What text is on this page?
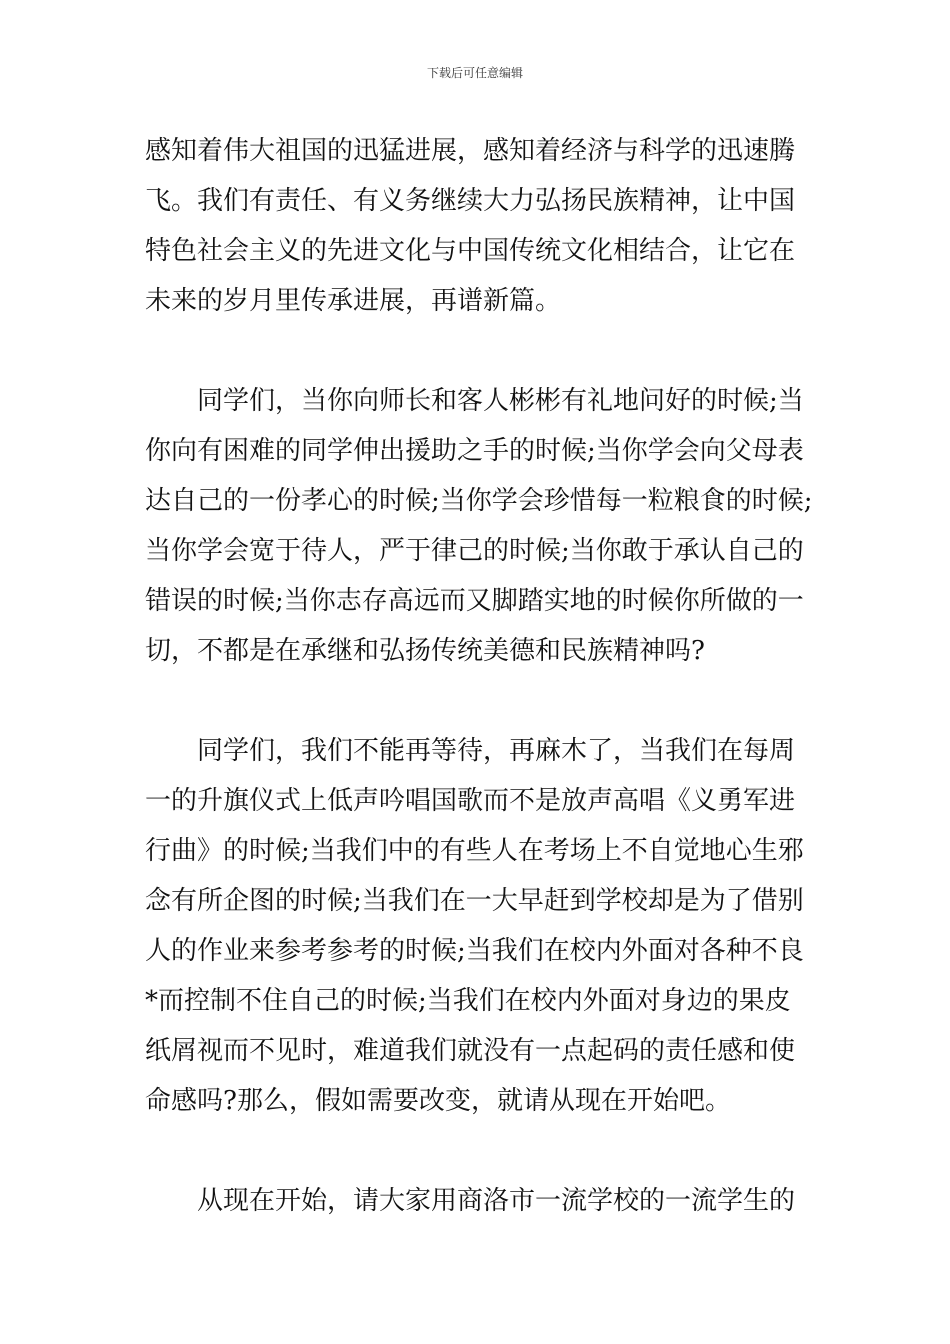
下载后可任意编辑
感知着伟大祖国的迅猛进展，感知着经济与科学的迅速腾
飞。我们有责任、有义务继续大力弘扬民族精神，让中国
特色社会主义的先进文化与中国传统文化相结合，让它在
未来的岁月里传承进展，再谱新篇。
同学们，当你向师长和客人彬彬有礼地问好的时候;当
你向有困难的同学伸出援助之手的时候;当你学会向父母表
达自己的一份孝心的时候;当你学会珍惜每一粒粮食的时候;
当你学会宽于待人，严于律己的时候;当你敢于承认自己的
错误的时候;当你志存高远而又脚踏实地的时候你所做的一
切，不都是在承继和弘扬传统美德和民族精神吗?
同学们，我们不能再等待，再麻木了，当我们在每周
一的升旗仪式上低声吟唱国歌而不是放声高唱《义勇军进
行曲》的时候;当我们中的有些人在考场上不自觉地心生邪
念有所企图的时候;当我们在一大早赶到学校却是为了借别
人的作业来参考参考的时候;当我们在校内外面对各种不良
*而控制不住自己的时候;当我们在校内外面对身边的果皮
纸屑视而不见时，难道我们就没有一点起码的责任感和使
命感吗?那么，假如需要改变，就请从现在开始吧。
从现在开始，请大家用商洛市一流学校的一流学生的
